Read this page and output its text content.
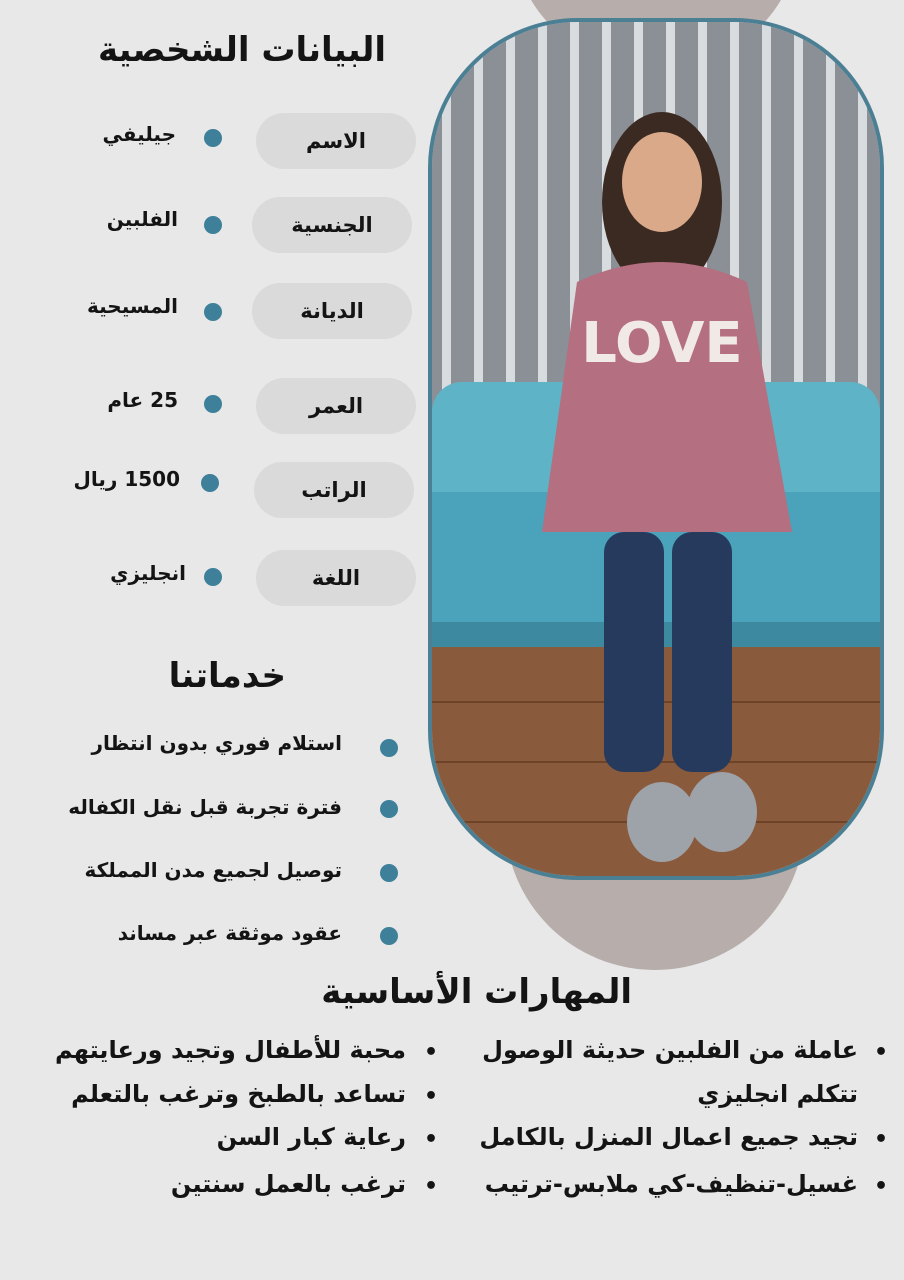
LOVE
البيانات الشخصية
الاسم
جيليفي
الجنسية
الفلبين
الديانة
المسيحية
العمر
25 عام
الراتب
1500 ريال
اللغة
انجليزي
خدماتنا
استلام فوري بدون انتظار
فترة تجربة قبل نقل الكفاله
توصيل لجميع مدن المملكة
عقود موثقة عبر مساند
المهارات الأساسية
•
عاملة من الفلبين حديثة الوصول
تتكلم انجليزي
•
تجيد جميع اعمال المنزل بالكامل
•
غسيل-تنظيف-كي ملابس-ترتيب
•
محبة للأطفال وتجيد ورعايتهم
•
تساعد بالطبخ وترغب بالتعلم
•
رعاية كبار السن
•
ترغب بالعمل سنتين
